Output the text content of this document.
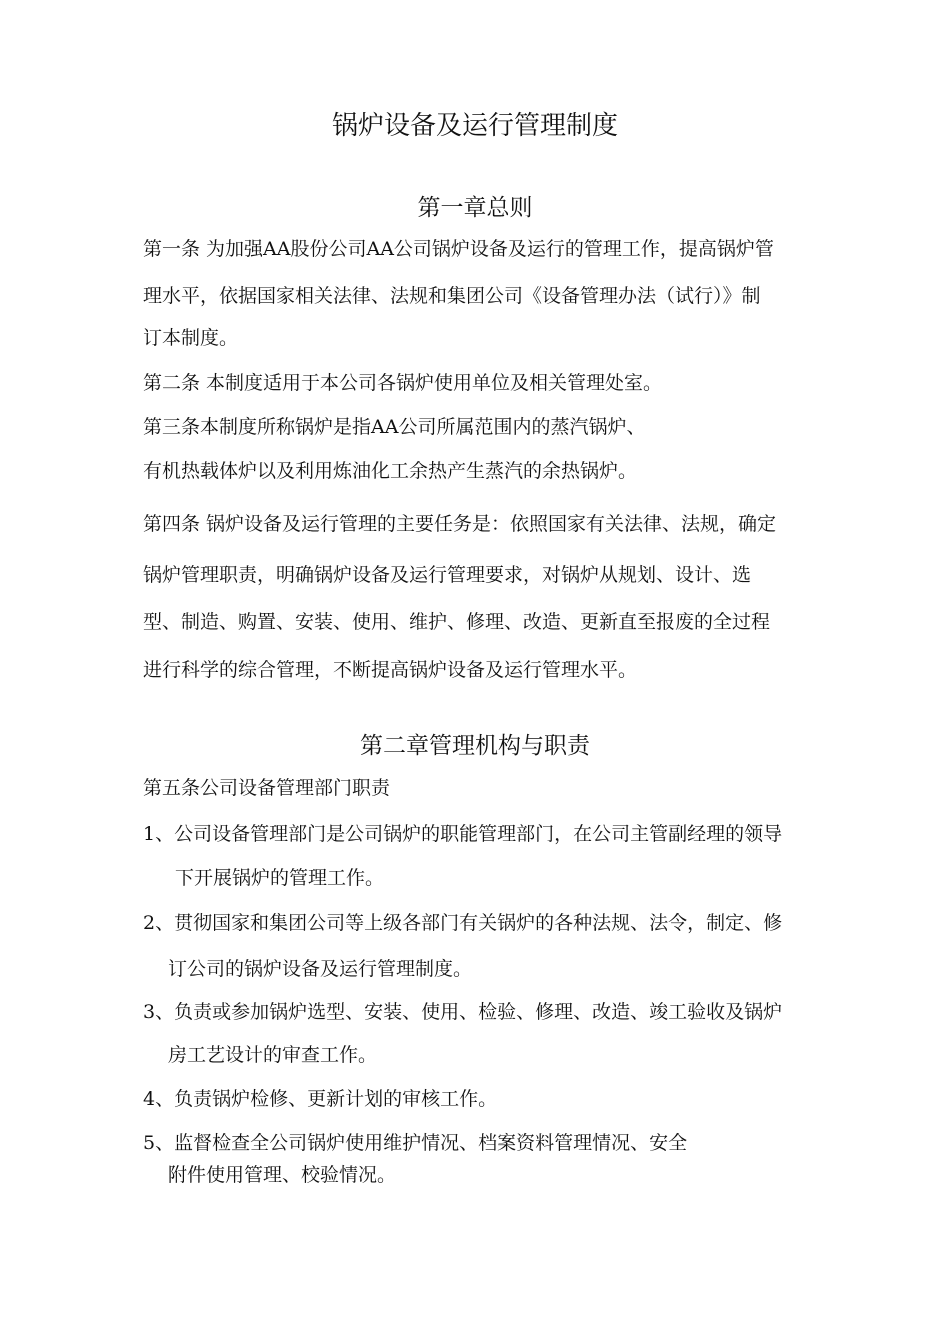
锅炉设备及运行管理制度
第一章总则
第一条 为加强AA股份公司AA公司锅炉设备及运行的管理工作，提高锅炉管
理水平，依据国家相关法律、法规和集团公司《设备管理办法（试行）》制
订本制度。
第二条 本制度适用于本公司各锅炉使用单位及相关管理处室。
第三条本制度所称锅炉是指AA公司所属范围内的蒸汽锅炉、
有机热载体炉以及利用炼油化工余热产生蒸汽的余热锅炉。
第四条 锅炉设备及运行管理的主要任务是：依照国家有关法律、法规，确定
锅炉管理职责，明确锅炉设备及运行管理要求，对锅炉从规划、设计、选
型、制造、购置、安装、使用、维护、修理、改造、更新直至报废的全过程
进行科学的综合管理，不断提高锅炉设备及运行管理水平。
第二章管理机构与职责
第五条公司设备管理部门职责
1、公司设备管理部门是公司锅炉的职能管理部门，在公司主管副经理的领导
下开展锅炉的管理工作。
2、贯彻国家和集团公司等上级各部门有关锅炉的各种法规、法令，制定、修
订公司的锅炉设备及运行管理制度。
3、负责或参加锅炉选型、安装、使用、检验、修理、改造、竣工验收及锅炉
房工艺设计的审查工作。
4、负责锅炉检修、更新计划的审核工作。
5、监督检查全公司锅炉使用维护情况、档案资料管理情况、安全
附件使用管理、校验情况。
